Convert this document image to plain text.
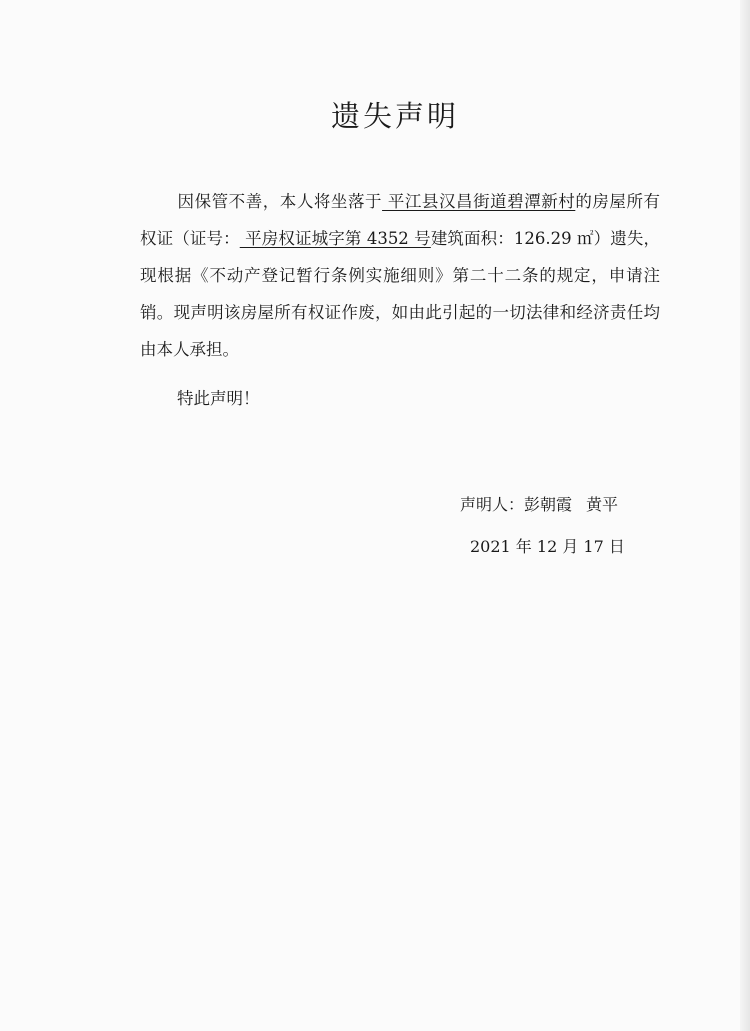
遗失声明

因保管不善，本人将坐落于 平江县汉昌街道碧潭新村的房屋所有权证（证号： 平房权证城字第 4352 号建筑面积：126.29 ㎡）遗失，现根据《不动产登记暂行条例实施细则》第二十二条的规定，申请注销。现声明该房屋所有权证作废，如由此引起的一切法律和经济责任均由本人承担。

特此声明！
声明人：彭朝霞 黄平
2021 年 12 月 17 日
